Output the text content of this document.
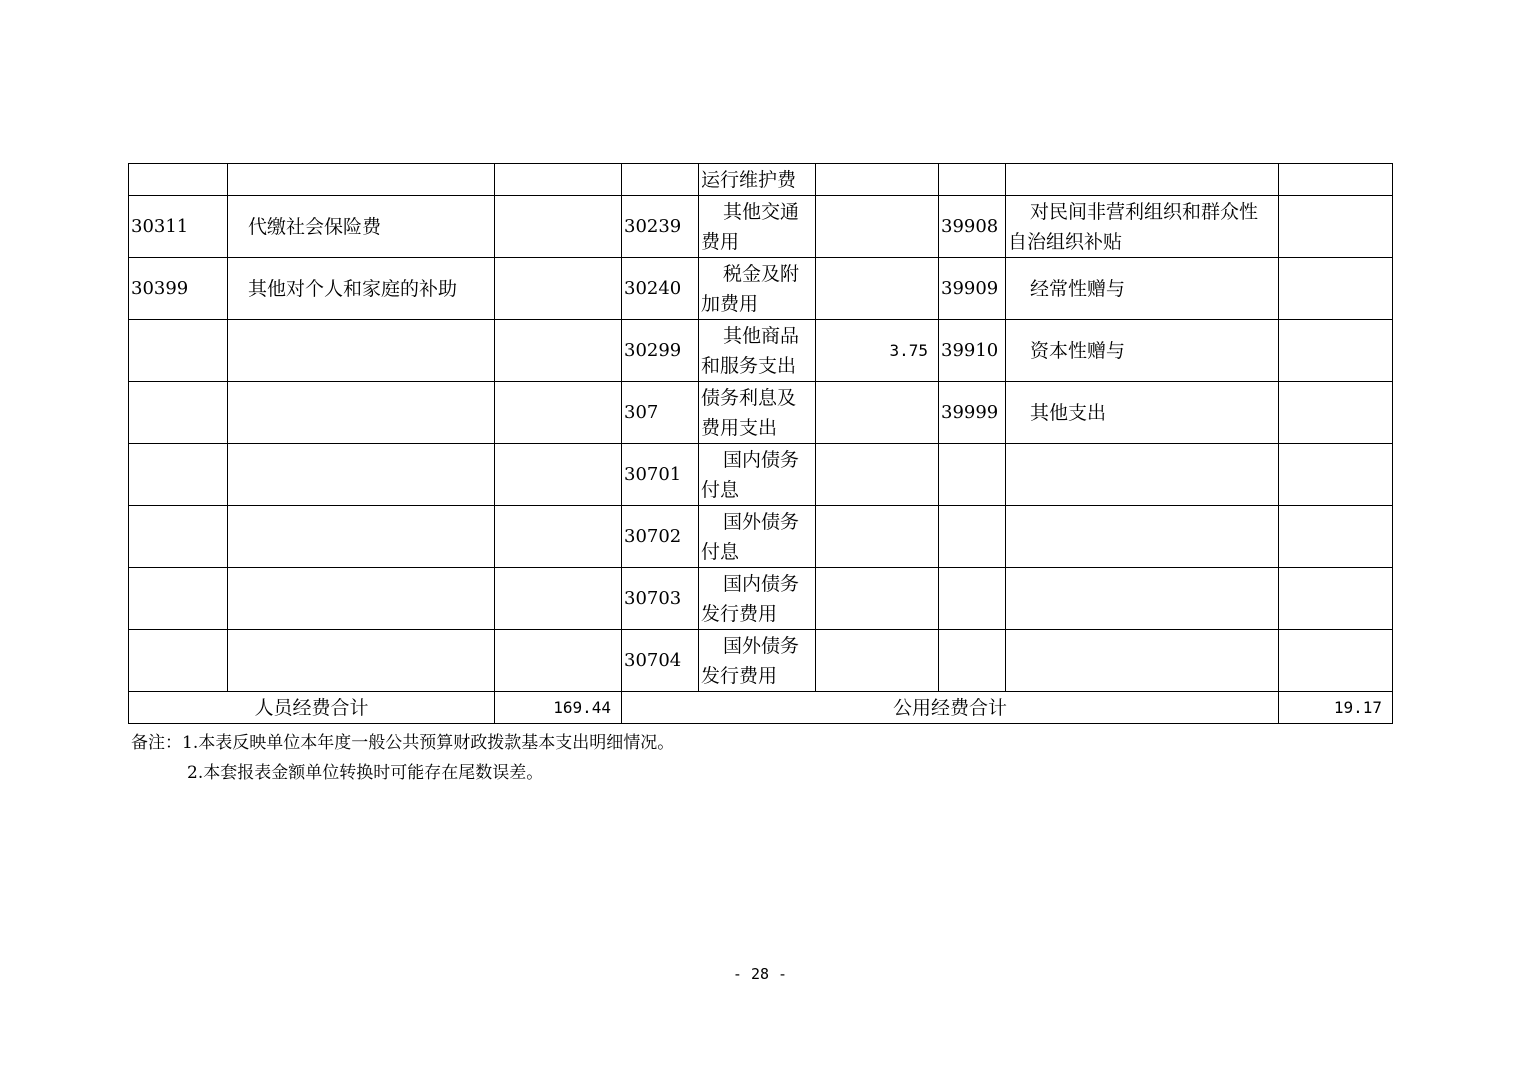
				运行维护费				
30311	代缴社会保险费		30239	其他交通费用		39908	对民间非营利组织和群众性自治组织补贴	
30399	其他对个人和家庭的补助		30240	税金及附加费用		39909	经常性赠与	
			30299	其他商品和服务支出	3.75	39910	资本性赠与	
			307	债务利息及费用支出		39999	其他支出	
			30701	国内债务付息				
			30702	国外债务付息				
			30703	国内债务发行费用				
			30704	国外债务发行费用				
人员经费合计		169.44	公用经费合计					19.17
备注：1.本表反映单位本年度一般公共预算财政拨款基本支出明细情况。
2.本套报表金额单位转换时可能存在尾数误差。
- 28 -
